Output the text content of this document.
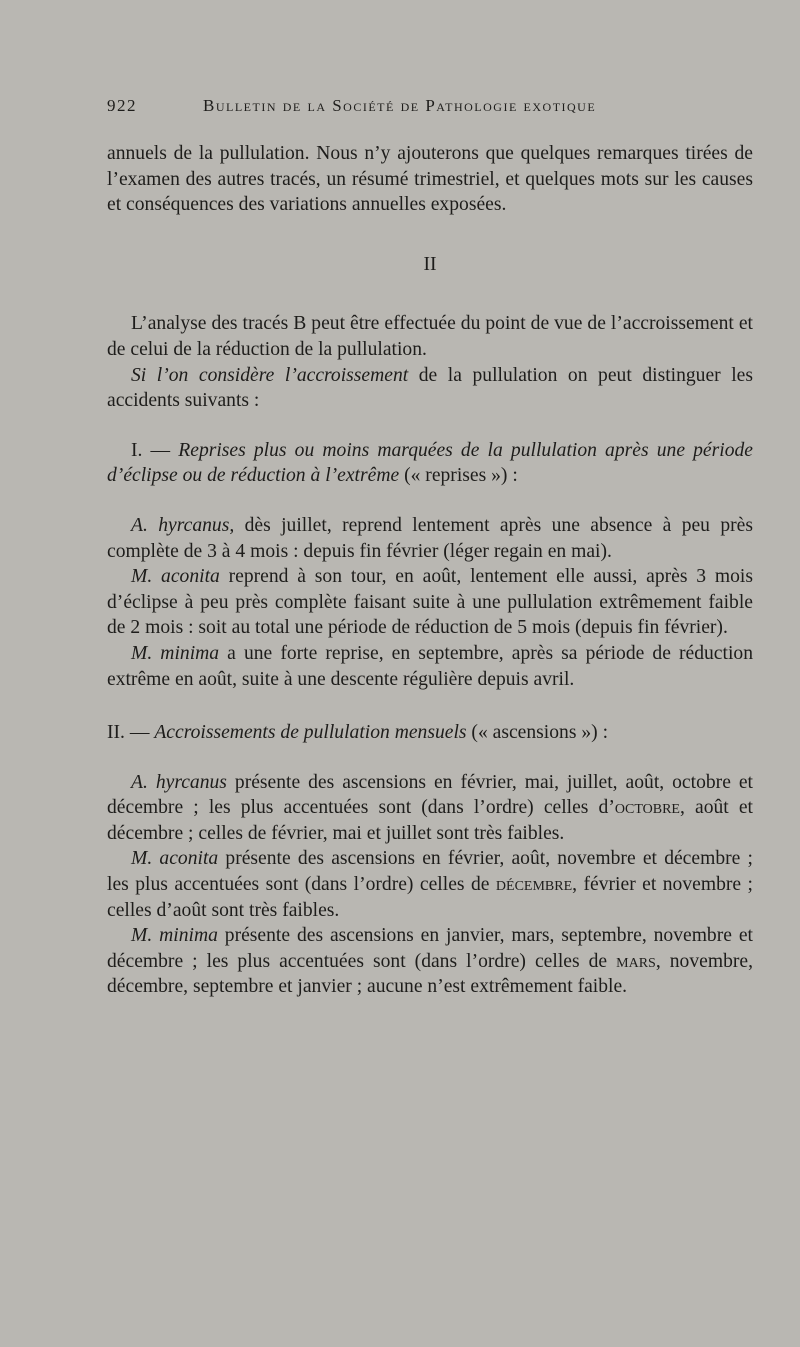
922	Bulletin de la Société de Pathologie exotique

annuels de la pullulation. Nous n’y ajouterons que quelques remarques tirées de l’examen des autres tracés, un résumé trimestriel, et quelques mots sur les causes et conséquences des variations annuelles exposées.

II

L’analyse des tracés B peut être effectuée du point de vue de l’accroissement et de celui de la réduction de la pullulation.

Si l’on considère l’accroissement de la pullulation on peut distinguer les accidents suivants :

I. — Reprises plus ou moins marquées de la pullulation après une période d’éclipse ou de réduction à l’extrême (« reprises ») :

A. hyrcanus, dès juillet, reprend lentement après une absence à peu près complète de 3 à 4 mois : depuis fin février (léger regain en mai).

M. aconita reprend à son tour, en août, lentement elle aussi, après 3 mois d’éclipse à peu près complète faisant suite à une pullulation extrêmement faible de 2 mois : soit au total une période de réduction de 5 mois (depuis fin février).

M. minima a une forte reprise, en septembre, après sa période de réduction extrême en août, suite à une descente régulière depuis avril.

II. — Accroissements de pullulation mensuels (« ascensions ») :

A. hyrcanus présente des ascensions en février, mai, juillet, août, octobre et décembre ; les plus accentuées sont (dans l’ordre) celles d’octobre, août et décembre ; celles de février, mai et juillet sont très faibles.

M. aconita présente des ascensions en février, août, novembre et décembre ; les plus accentuées sont (dans l’ordre) celles de décembre, février et novembre ; celles d’août sont très faibles.

M. minima présente des ascensions en janvier, mars, septembre, novembre et décembre ; les plus accentuées sont (dans l’ordre) celles de mars, novembre, décembre, septembre et janvier ; aucune n’est extrêmement faible.
